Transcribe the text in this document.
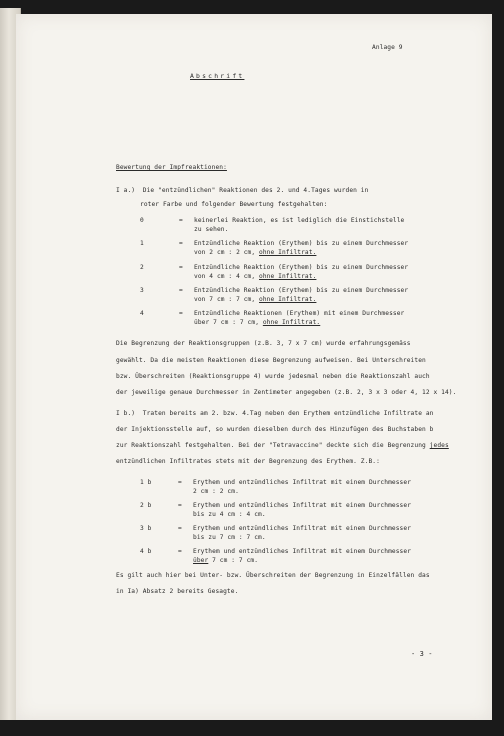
Anlage 9
Abschrift
Bewertung der Impfreaktionen:
I a.)  Die "entzündlichen" Reaktionen des 2. und 4.Tages wurden in
roter Farbe und folgender Bewertung festgehalten:
0	= keinerlei Reaktion, es ist lediglich die Einstichstelle
zu sehen.
1	= Entzündliche Reaktion (Erythem) bis zu einem Durchmesser
von 2 cm : 2 cm, ohne Infiltrat.
2	= Entzündliche Reaktion (Erythem) bis zu einem Durchmesser
von 4 cm : 4 cm, ohne Infiltrat.
3	= Entzündliche Reaktion (Erythem) bis zu einem Durchmesser
von 7 cm : 7 cm, ohne Infiltrat.
4	= Entzündliche Reaktionen (Erythem) mit einem Durchmesser
über 7 cm : 7 cm, ohne Infiltrat.
Die Begrenzung der Reaktionsgruppen (z.B. 3, 7 x 7 cm) wurde erfahrungsgemäss
gewählt. Da die meisten Reaktionen diese Begrenzung aufweisen. Bei Unterschreiten
bzw. Überschreiten (Reaktionsgruppe 4) wurde jedesmal neben die Reaktionszahl auch
der jeweilige genaue Durchmesser in Zentimeter angegeben (z.B. 2, 3 x 3 oder 4, 12 x 14).
I b.)  Traten bereits am 2. bzw. 4.Tag neben den Erythem entzündliche Infiltrate an
der Injektionsstelle auf, so wurden dieselben durch des Hinzufügen des Buchstaben b
zur Reaktionszahl festgehalten. Bei der "Tetravaccine" deckte sich die Begrenzung jedes
entzündlichen Infiltrates stets mit der Begrenzung des Erythem. Z.B.:
1 b	= Erythem und entzündliches Infiltrat mit einem Durchmesser
2 cm : 2 cm.
2 b	= Erythem und entzündliches Infiltrat mit einem Durchmesser
bis zu 4 cm : 4 cm.
3 b	= Erythem und entzündliches Infiltrat mit einem Durchmesser
bis zu 7 cm : 7 cm.
4 b	= Erythem und entzündliches Infiltrat mit einem Durchmesser
über 7 cm : 7 cm.
Es gilt auch hier bei Unter- bzw. Überschreiten der Begrenzung in Einzelfällen das
in Ia) Absatz 2 bereits Gesagte.
- 3 -
